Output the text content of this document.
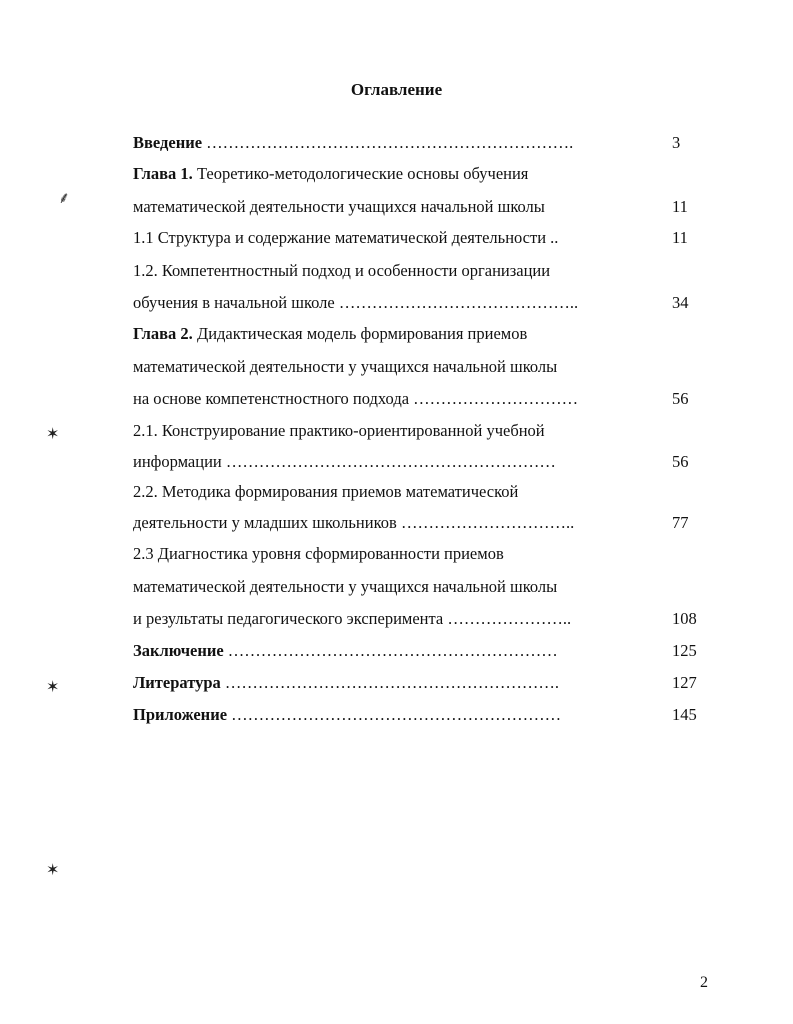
Оглавление
Введение ………………………………………………………….	3
Глава 1. Теоретико-методологические основы обучения
математической деятельности учащихся начальной школы	11
1.1 Структура и содержание математической деятельности ..	11
1.2. Компетентностный подход и особенности организации
обучения в начальной школе ……………………………………..	34
Глава 2. Дидактическая модель формирования приемов
математической деятельности у учащихся начальной школы
на основе компетенстностного подхода …………………………	56
2.1. Конструирование практико-ориентированной учебной
информации ……………………………………………………	56
2.2. Методика формирования приемов математической
деятельности у младших школьников …………………………..	77
2.3 Диагностика уровня сформированности приемов
математической деятельности у учащихся начальной школы
и результаты педагогического эксперимента …………………..	108
Заключение ……………………………………………………	125
Литература …………………………………………………….	127
Приложение ……………………………………………………	145
⸙
✶
✶
✶
2
